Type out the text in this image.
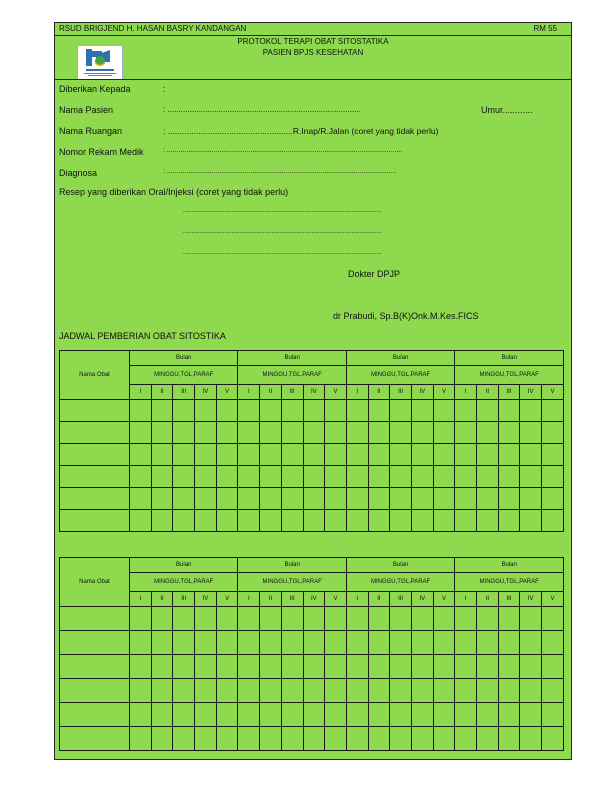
RSUD BRIGJEND H. HASAN BASRY KANDANGAN	RM 55
PROTOKOL TERAPI OBAT SITOSTATIKA
PASIEN BPJS KESEHATAN
Diberikan Kepada	:
Nama Pasien	: .......................................................................................	Umur............
Nama Ruangan	: .....................................................R.Inap/R.Jalan (coret yang tidak perlu)
Nomor Rekam Medik	: .........................................................................................................................
Diagnosa	: ......................................................................................................................
Resep yang diberikan Oral/Injeksi (coret yang tidak perlu)
.......................................................................................................................
.......................................................................................................................
.......................................................................................................................
Dokter DPJP
dr Prabudi, Sp.B(K)Onk.M.Kes.FICS
JADWAL PEMBERIAN OBAT SITOSTIKA
Nama Obat	Bulan					Bulan					Bulan					Bulan				
	MINGGU,TGL,PARAF					MINGGU,TGL,PARAF					MINGGU,TGL,PARAF					MINGGU,TGL,PARAF				
	I	II	III	IV	V	I	II	III	IV	V	I	II	III	IV	V	I	II	III	IV	V

Nama Obat	Bulan					Bulan					Bulan					Bulan				
	MINGGU,TGL,PARAF					MINGGU,TGL,PARAF					MINGGU,TGL,PARAF					MINGGU,TGL,PARAF				
	I	II	III	IV	V	I	II	III	IV	V	I	II	III	IV	V	I	II	III	IV	V
